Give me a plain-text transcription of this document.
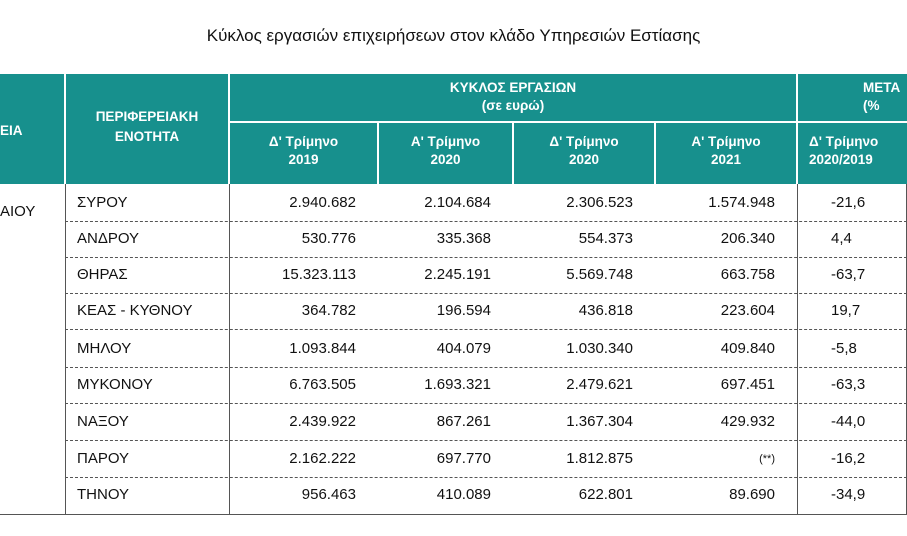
Κύκλος εργασιών επιχειρήσεων στον κλάδο Υπηρεσιών Εστίασης
ΕΙΑ
ΠΕΡΙΦΕΡΕΙΑΚΗ
ΕΝΟΤΗΤΑ
ΚΥΚΛΟΣ ΕΡΓΑΣΙΩΝ
(σε ευρώ)
ΜΕΤΑ
(%
Δ' Τρίμηνο
2019
Α' Τρίμηνο
2020
Δ' Τρίμηνο
2020
Α' Τρίμηνο
2021
Δ' Τρίμηνο
2020/2019
ΑΙΟΥ
ΣΥΡΟΥ	2.940.682	2.104.684	2.306.523	1.574.948	-21,6
ΑΝΔΡΟΥ	530.776	335.368	554.373	206.340	4,4
ΘΗΡΑΣ	15.323.113	2.245.191	5.569.748	663.758	-63,7
ΚΕΑΣ - ΚΥΘΝΟΥ	364.782	196.594	436.818	223.604	19,7
ΜΗΛΟΥ	1.093.844	404.079	1.030.340	409.840	-5,8
ΜΥΚΟΝΟΥ	6.763.505	1.693.321	2.479.621	697.451	-63,3
ΝΑΞΟΥ	2.439.922	867.261	1.367.304	429.932	-44,0
ΠΑΡΟΥ	2.162.222	697.770	1.812.875	(**)	-16,2
ΤΗΝΟΥ	956.463	410.089	622.801	89.690	-34,9
